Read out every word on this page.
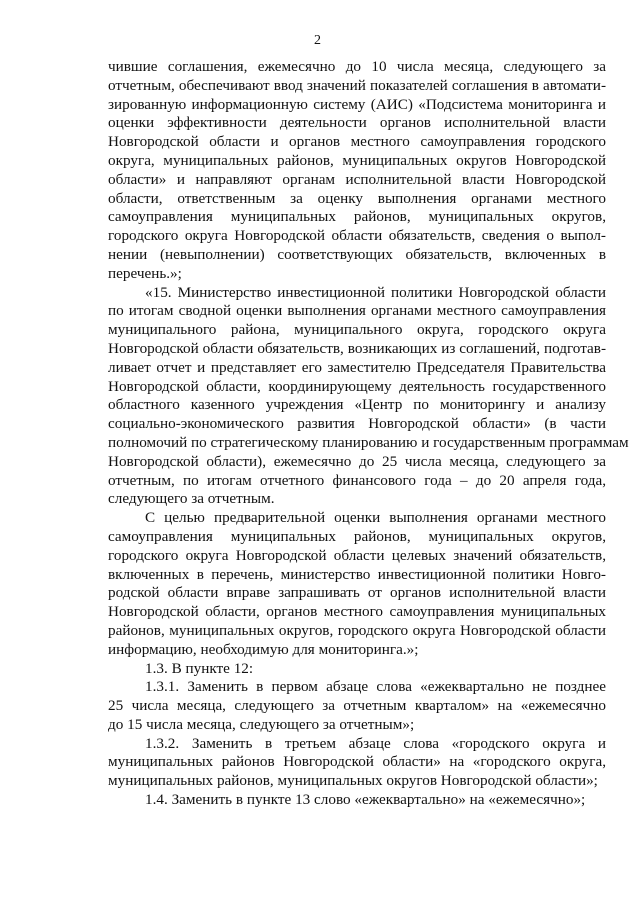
2
чившие соглашения, ежемесячно до 10 числа месяца, следующего за
отчетным, обеспечивают ввод значений показателей соглашения в автомати-
зированную информационную систему (АИС) «Подсистема мониторинга и
оценки эффективности деятельности органов исполнительной власти
Новгородской области и органов местного самоуправления городского
округа, муниципальных районов, муниципальных округов Новгородской
области» и направляют органам исполнительной власти Новгородской
области, ответственным за оценку выполнения органами местного
самоуправления муниципальных районов, муниципальных округов,
городского округа Новгородской области обязательств, сведения о выпол-
нении (невыполнении) соответствующих обязательств, включенных в
перечень.»;
«15. Министерство инвестиционной политики Новгородской области
по итогам сводной оценки выполнения органами местного самоуправления
муниципального района, муниципального округа, городского округа
Новгородской области обязательств, возникающих из соглашений, подготав-
ливает отчет и представляет его заместителю Председателя Правительства
Новгородской области, координирующему деятельность государственного
областного казенного учреждения «Центр по мониторингу и анализу
социально-экономического развития Новгородской области» (в части
полномочий по стратегическому планированию и государственным программам
Новгородской области), ежемесячно до 25 числа месяца, следующего за
отчетным, по итогам отчетного финансового года – до 20 апреля года,
следующего за отчетным.
С целью предварительной оценки выполнения органами местного
самоуправления муниципальных районов, муниципальных округов,
городского округа Новгородской области целевых значений обязательств,
включенных в перечень, министерство инвестиционной политики Новго-
родской области вправе запрашивать от органов исполнительной власти
Новгородской области, органов местного самоуправления муниципальных
районов, муниципальных округов, городского округа Новгородской области
информацию, необходимую для мониторинга.»;
1.3. В пункте 12:
1.3.1. Заменить в первом абзаце слова «ежеквартально не позднее
25 числа месяца, следующего за отчетным кварталом» на «ежемесячно
до 15 числа месяца, следующего за отчетным»;
1.3.2. Заменить в третьем абзаце слова «городского округа и
муниципальных районов Новгородской области» на «городского округа,
муниципальных районов, муниципальных округов Новгородской области»;
1.4. Заменить в пункте 13 слово «ежеквартально» на «ежемесячно»;
